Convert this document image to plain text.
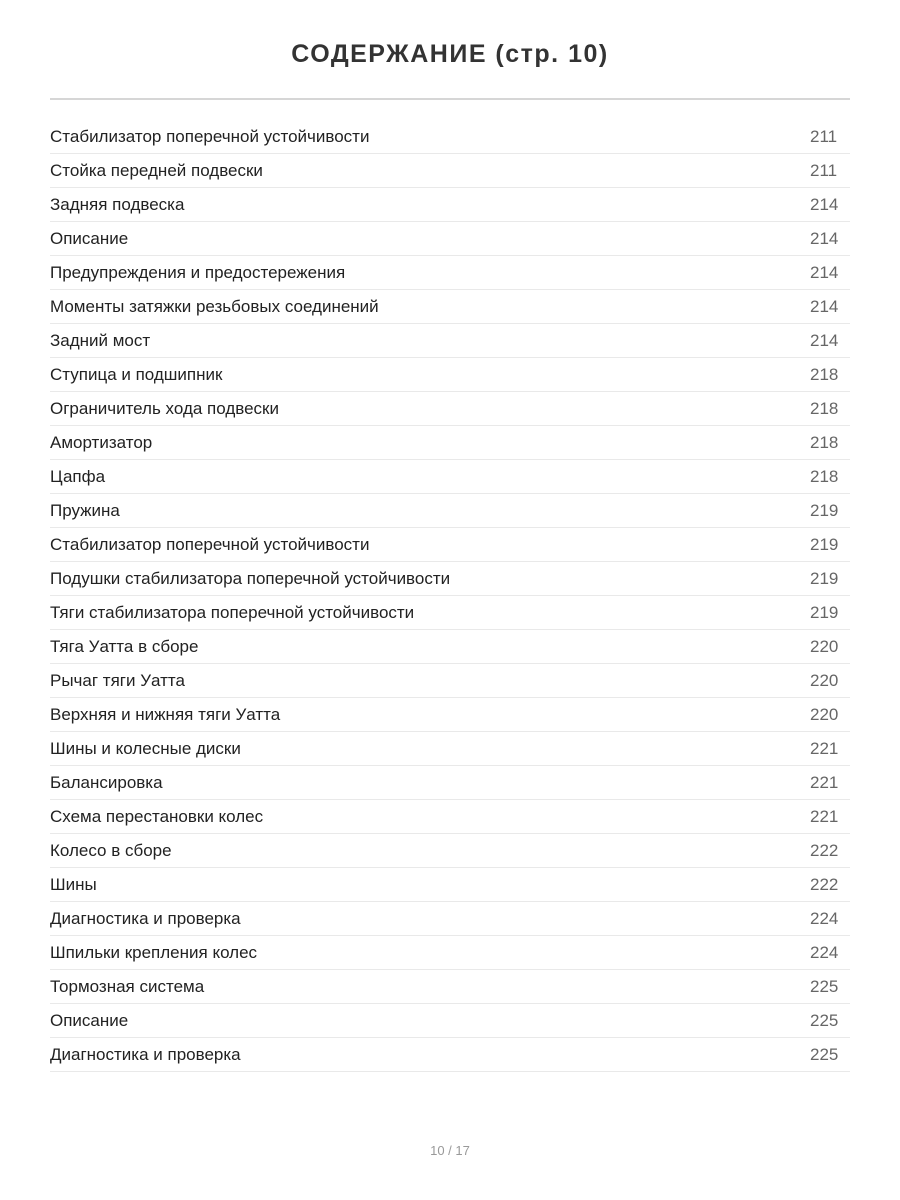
СОДЕРЖАНИЕ (стр. 10)
Стабилизатор поперечной устойчивости	211
Стойка передней подвески	211
Задняя подвеска	214
Описание	214
Предупреждения и предостережения	214
Моменты затяжки резьбовых соединений	214
Задний мост	214
Ступица и подшипник	218
Ограничитель хода подвески	218
Амортизатор	218
Цапфа	218
Пружина	219
Стабилизатор поперечной устойчивости	219
Подушки стабилизатора поперечной устойчивости	219
Тяги стабилизатора поперечной устойчивости	219
Тяга Уатта в сборе	220
Рычаг тяги Уатта	220
Верхняя и нижняя тяги Уатта	220
Шины и колесные диски	221
Балансировка	221
Схема перестановки колес	221
Колесо в сборе	222
Шины	222
Диагностика и проверка	224
Шпильки крепления колес	224
Тормозная система	225
Описание	225
Диагностика и проверка	225
10 / 17
